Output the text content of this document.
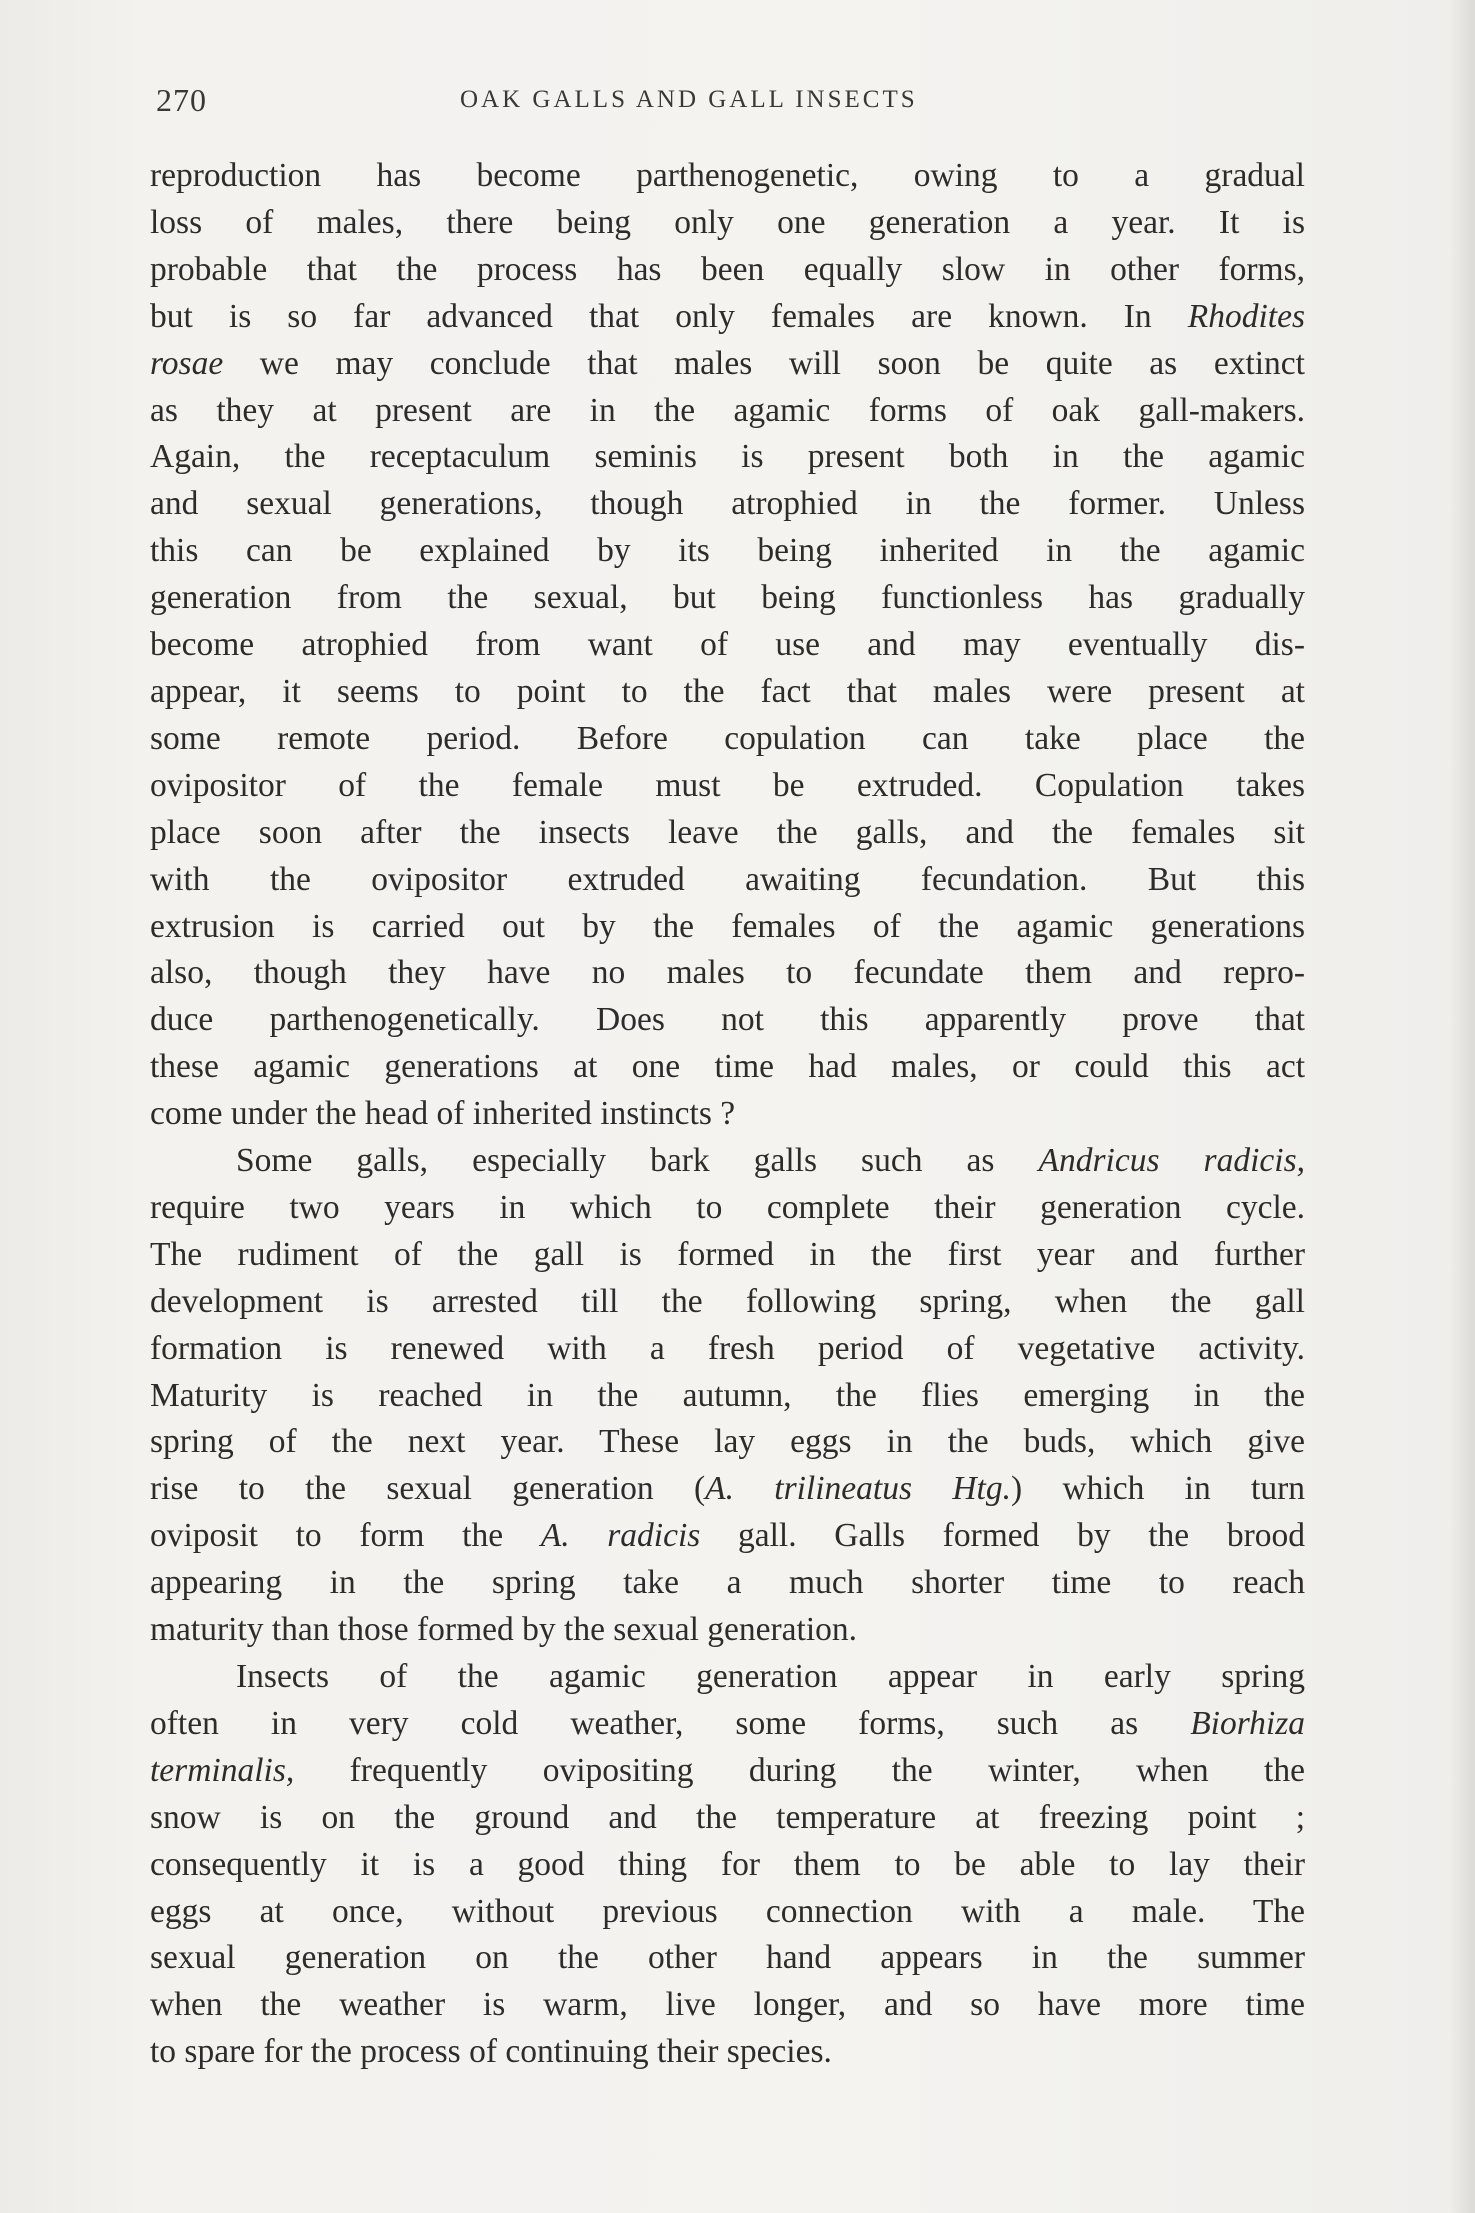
270	OAK GALLS AND GALL INSECTS

reproduction has become parthenogenetic, owing to a gradual
loss of males, there being only one generation a year. It is
probable that the process has been equally slow in other forms,
but is so far advanced that only females are known. In Rhodites
rosae we may conclude that males will soon be quite as extinct
as they at present are in the agamic forms of oak gall-makers.
Again, the receptaculum seminis is present both in the agamic
and sexual generations, though atrophied in the former. Unless
this can be explained by its being inherited in the agamic
generation from the sexual, but being functionless has gradually
become atrophied from want of use and may eventually dis-
appear, it seems to point to the fact that males were present at
some remote period. Before copulation can take place the
ovipositor of the female must be extruded. Copulation takes
place soon after the insects leave the galls, and the females sit
with the ovipositor extruded awaiting fecundation. But this
extrusion is carried out by the females of the agamic generations
also, though they have no males to fecundate them and repro-
duce parthenogenetically. Does not this apparently prove that
these agamic generations at one time had males, or could this act
come under the head of inherited instincts ?

Some galls, especially bark galls such as Andricus radicis,
require two years in which to complete their generation cycle.
The rudiment of the gall is formed in the first year and further
development is arrested till the following spring, when the gall
formation is renewed with a fresh period of vegetative activity.
Maturity is reached in the autumn, the flies emerging in the
spring of the next year. These lay eggs in the buds, which give
rise to the sexual generation (A. trilineatus Htg.) which in turn
oviposit to form the A. radicis gall. Galls formed by the brood
appearing in the spring take a much shorter time to reach
maturity than those formed by the sexual generation.

Insects of the agamic generation appear in early spring
often in very cold weather, some forms, such as Biorhiza
terminalis, frequently ovipositing during the winter, when the
snow is on the ground and the temperature at freezing point ;
consequently it is a good thing for them to be able to lay their
eggs at once, without previous connection with a male. The
sexual generation on the other hand appears in the summer
when the weather is warm, live longer, and so have more time
to spare for the process of continuing their species.
